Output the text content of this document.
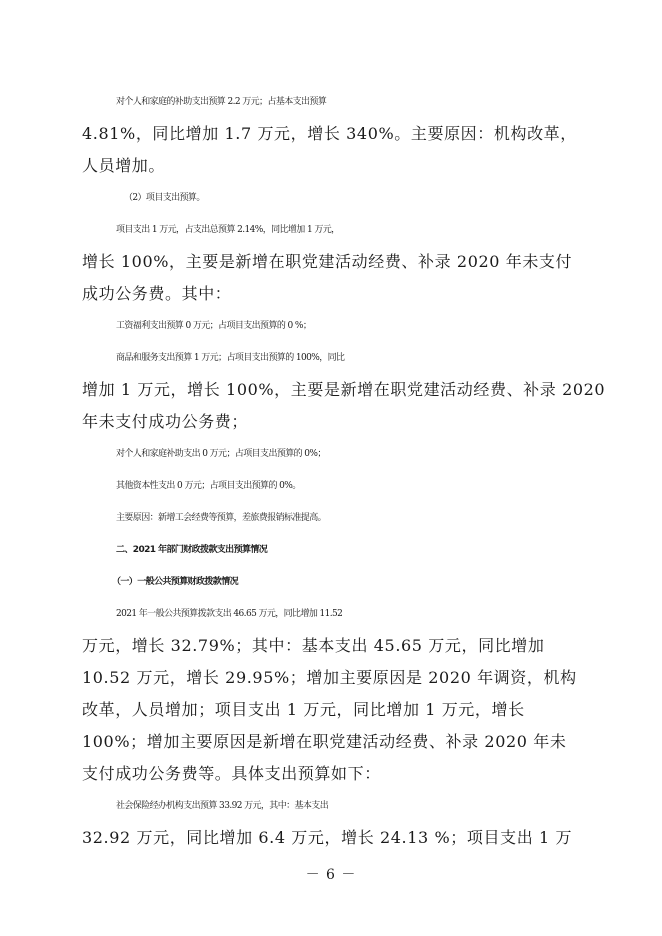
对个人和家庭的补助支出预算 2.2 万元；占基本支出预算
4.81%，同比增加 1.7 万元，增长 340%。主要原因：机构改革，
人员增加。
（2）项目支出预算。
项目支出 1 万元，占支出总预算 2.14%，同比增加 1 万元，
增长 100%，主要是新增在职党建活动经费、补录 2020 年未支付
成功公务费。其中：
工资福利支出预算 0 万元；占项目支出预算的 0 %；
商品和服务支出预算 1 万元；占项目支出预算的 100%，同比
增加 1 万元，增长 100%，主要是新增在职党建活动经费、补录 2020
年未支付成功公务费；
对个人和家庭补助支出 0 万元；占项目支出预算的 0%；
其他资本性支出 0 万元；占项目支出预算的 0%。
主要原因：新增工会经费等预算，差旅费报销标准提高。
二、2021 年部门财政拨款支出预算情况
（一）一般公共预算财政拨款情况
2021 年一般公共预算拨款支出 46.65 万元，同比增加 11.52
万元，增长 32.79%；其中：基本支出 45.65 万元，同比增加
10.52 万元，增长 29.95%；增加主要原因是 2020 年调资，机构
改革，人员增加；项目支出 1 万元，同比增加 1 万元，增长
100%；增加主要原因是新增在职党建活动经费、补录 2020 年未
支付成功公务费等。具体支出预算如下：
社会保险经办机构支出预算 33.92 万元，其中：基本支出
32.92 万元，同比增加 6.4 万元，增长 24.13 %；项目支出 1 万
－ 6 －
